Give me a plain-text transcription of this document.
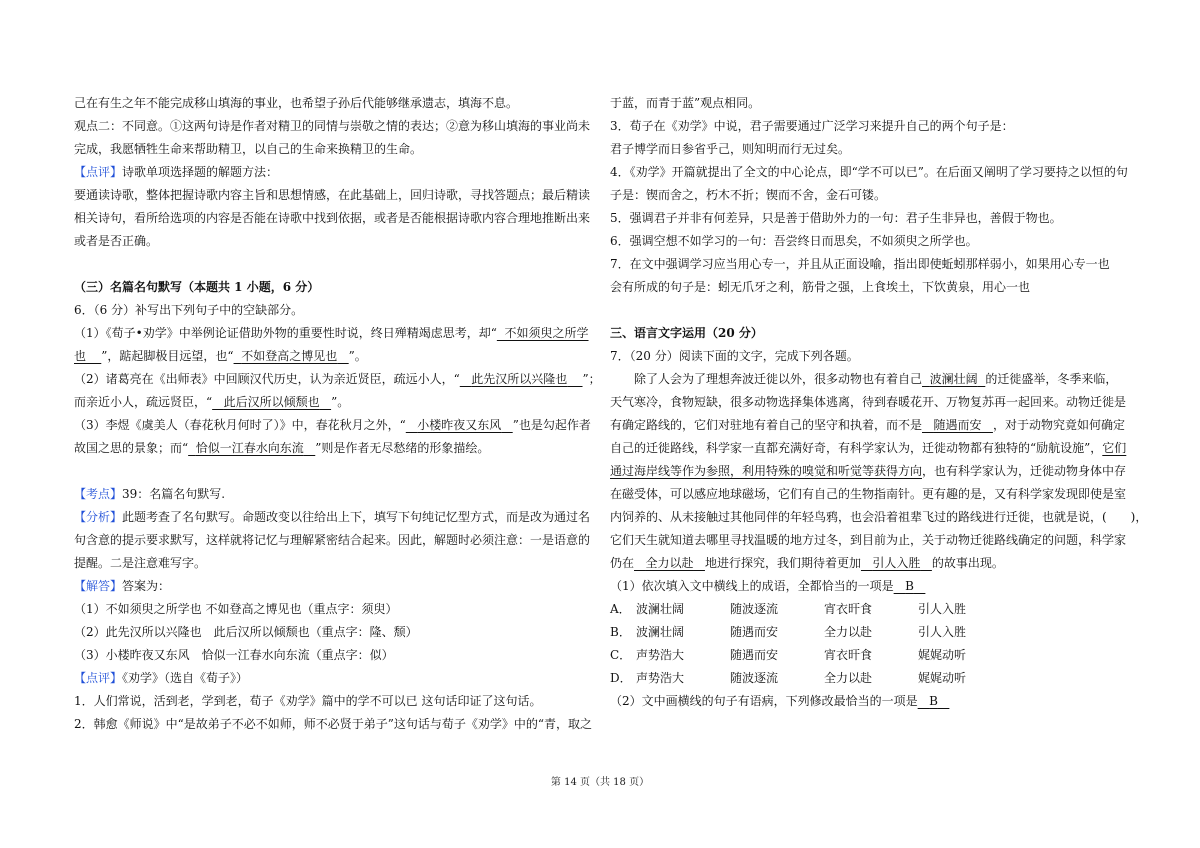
己在有生之年不能完成移山填海的事业，也希望子孙后代能够继承遗志，填海不息。
观点二：不同意。①这两句诗是作者对精卫的同情与崇敬之情的表达；②意为移山填海的事业尚未
完成，我愿牺牲生命来帮助精卫，以自己的生命来换精卫的生命。
【点评】诗歌单项选择题的解题方法：
要通读诗歌，整体把握诗歌内容主旨和思想情感，在此基础上，回归诗歌，寻找答题点；最后精读
相关诗句，看所给选项的内容是否能在诗歌中找到依据，或者是否能根据诗歌内容合理地推断出来
或者是否正确。
（三）名篇名句默写（本题共 1 小题，6 分）
6．（6 分）补写出下列句子中的空缺部分。
（1）《荀子•劝学》中举例论证借助外物的重要性时说，终日殚精竭虑思考，却“ 不如须臾之所学
也 ”，踮起脚极目远望，也“ 不如登高之博见也 ”。
（2）诸葛亮在《出师表》中回顾汉代历史，认为亲近贤臣，疏远小人，“ 此先汉所以兴隆也 ”；
而亲近小人，疏远贤臣，“ 此后汉所以倾颓也 ”。
（3）李煜《虞美人（春花秋月何时了）》中，春花秋月之外，“ 小楼昨夜又东风 ”也是勾起作者
故国之思的景象；而“ 恰似一江春水向东流 ”则是作者无尽愁绪的形象描绘。
【考点】39：名篇名句默写.
【分析】此题考查了名句默写。命题改变以往给出上下，填写下句纯记忆型方式，而是改为通过名
句含意的提示要求默写，这样就将记忆与理解紧密结合起来。因此，解题时必须注意：一是语意的
提醒。二是注意难写字。
【解答】答案为：
（1）不如须臾之所学也 不如登高之博见也（重点字：须臾）
（2）此先汉所以兴隆也　此后汉所以倾颓也（重点字：隆、颓）
（3）小楼昨夜又东风　恰似一江春水向东流（重点字：似）
【点评】《劝学》（选自《荀子》）
1．人们常说，活到老，学到老，荀子《劝学》篇中的学不可以已 这句话印证了这句话。
2．韩愈《师说》中“是故弟子不必不如师，师不必贤于弟子”这句话与荀子《劝学》中的“青，取之
于蓝，而青于蓝”观点相同。
3．荀子在《劝学》中说，君子需要通过广泛学习来提升自己的两个句子是：
君子博学而日参省乎己，则知明而行无过矣。
4．《劝学》开篇就提出了全文的中心论点，即“学不可以已”。在后面又阐明了学习要持之以恒的句
子是：锲而舍之，朽木不折；锲而不舍，金石可镂。
5．强调君子并非有何差异，只是善于借助外力的一句：君子生非异也，善假于物也。
6．强调空想不如学习的一句：吾尝终日而思矣，不如须臾之所学也。
7．在文中强调学习应当用心专一，并且从正面设喻，指出即使蚯蚓那样弱小，如果用心专一也
会有所成的句子是：蚓无爪牙之利，筋骨之强，上食埃土，下饮黄泉，用心一也
三、语言文字运用（20 分）
7．（20 分）阅读下面的文字，完成下列各题。
除了人会为了理想奔波迁徙以外，很多动物也有着自己 波澜壮阔 的迁徙盛举，冬季来临，
天气寒冷，食物短缺，很多动物选择集体逃离，待到春暖花开、万物复苏再一起回来。动物迁徙是
有确定路线的，它们对驻地有着自己的坚守和执着，而不是 随遇而安 ，对于动物究竟如何确定
自己的迁徙路线，科学家一直都充满好奇，有科学家认为，迁徙动物都有独特的“励航设施”，它们
通过海岸线等作为参照，利用特殊的嗅觉和听觉等获得方向，也有科学家认为，迁徙动物身体中存
在磁受体，可以感应地球磁场，它们有自己的生物指南针。更有趣的是，又有科学家发现即使是室
内饲养的、从未接触过其他同伴的年轻鸟鸦，也会沿着祖辈飞过的路线进行迁徙，也就是说，(　　)，
它们天生就知道去哪里寻找温暖的地方过冬，到目前为止，关于动物迁徙路线确定的问题，科学家
仍在 全力以赴 地进行探究，我们期待着更加 引人入胜 的故事出现。
（1）依次填入文中横线上的成语，全都恰当的一项是 B
A． 波澜壮阔	随波逐流	宵衣旰食	引人入胜
B． 波澜壮阔	随遇而安	全力以赴	引人入胜
C． 声势浩大	随遇而安	宵衣旰食	娓娓动听
D． 声势浩大	随波逐流	全力以赴	娓娓动听
（2）文中画横线的句子有语病，下列修改最恰当的一项是 B
第 14 页（共 18 页）
